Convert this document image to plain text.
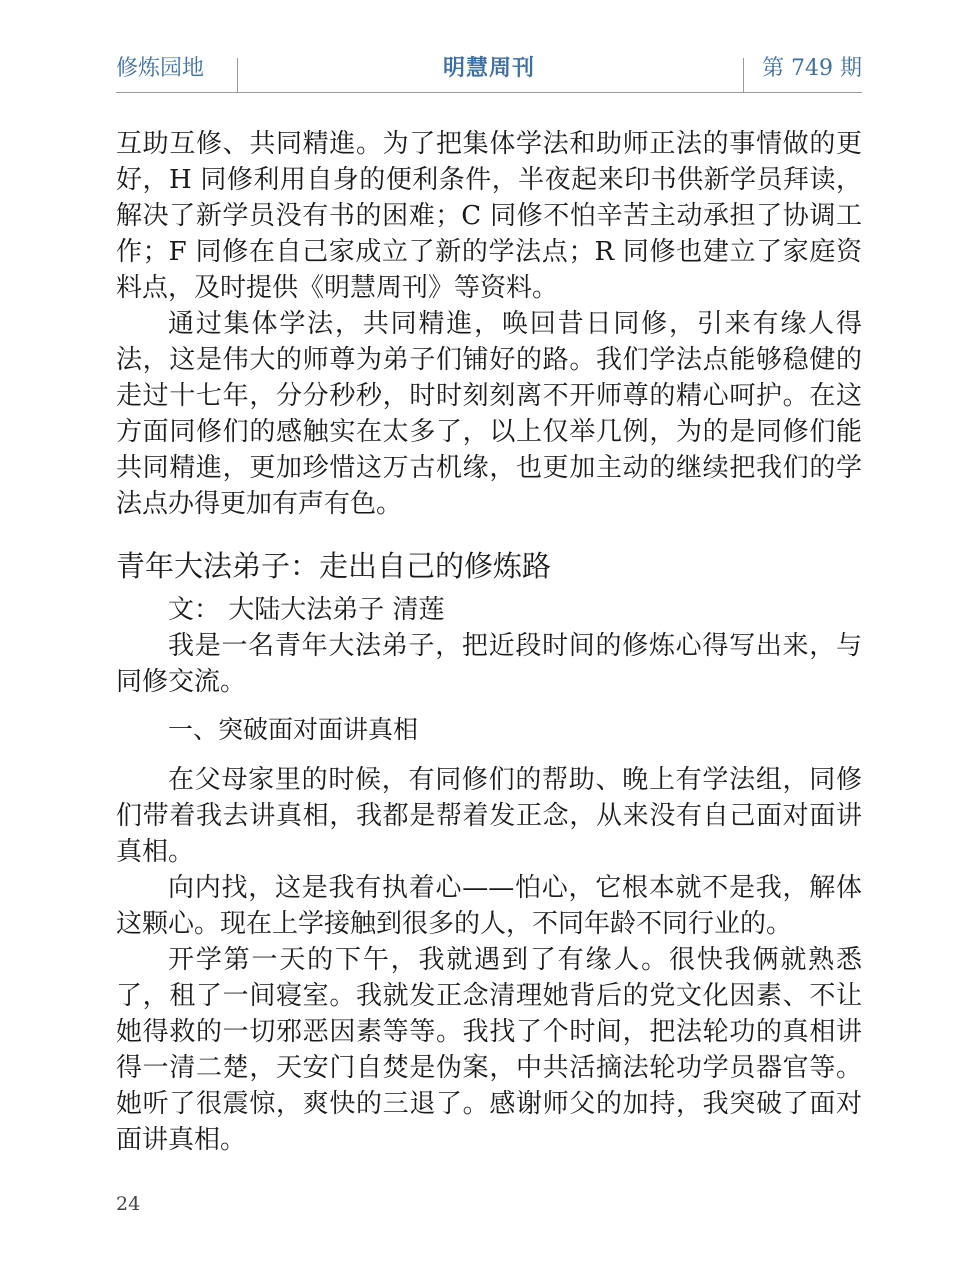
修炼园地	明慧周刊	第 749 期

互助互修、共同精進。为了把集体学法和助师正法的事情做的更好，H 同修利用自身的便利条件，半夜起来印书供新学员拜读，解决了新学员没有书的困难；C 同修不怕辛苦主动承担了协调工作；F 同修在自己家成立了新的学法点；R 同修也建立了家庭资料点，及时提供《明慧周刊》等资料。

通过集体学法，共同精進，唤回昔日同修，引来有缘人得法，这是伟大的师尊为弟子们铺好的路。我们学法点能够稳健的走过十七年，分分秒秒，时时刻刻离不开师尊的精心呵护。在这方面同修们的感触实在太多了，以上仅举几例，为的是同修们能共同精進，更加珍惜这万古机缘，也更加主动的继续把我们的学法点办得更加有声有色。

青年大法弟子：走出自己的修炼路

文： 大陆大法弟子 清莲

我是一名青年大法弟子，把近段时间的修炼心得写出来，与同修交流。

一、突破面对面讲真相

在父母家里的时候，有同修们的帮助、晚上有学法组，同修们带着我去讲真相，我都是帮着发正念，从来没有自己面对面讲真相。

向内找，这是我有执着心——怕心，它根本就不是我，解体这颗心。现在上学接触到很多的人，不同年龄不同行业的。

开学第一天的下午，我就遇到了有缘人。很快我俩就熟悉了，租了一间寝室。我就发正念清理她背后的党文化因素、不让她得救的一切邪恶因素等等。我找了个时间，把法轮功的真相讲得一清二楚，天安门自焚是伪案，中共活摘法轮功学员器官等。她听了很震惊，爽快的三退了。感谢师父的加持，我突破了面对面讲真相。

24
